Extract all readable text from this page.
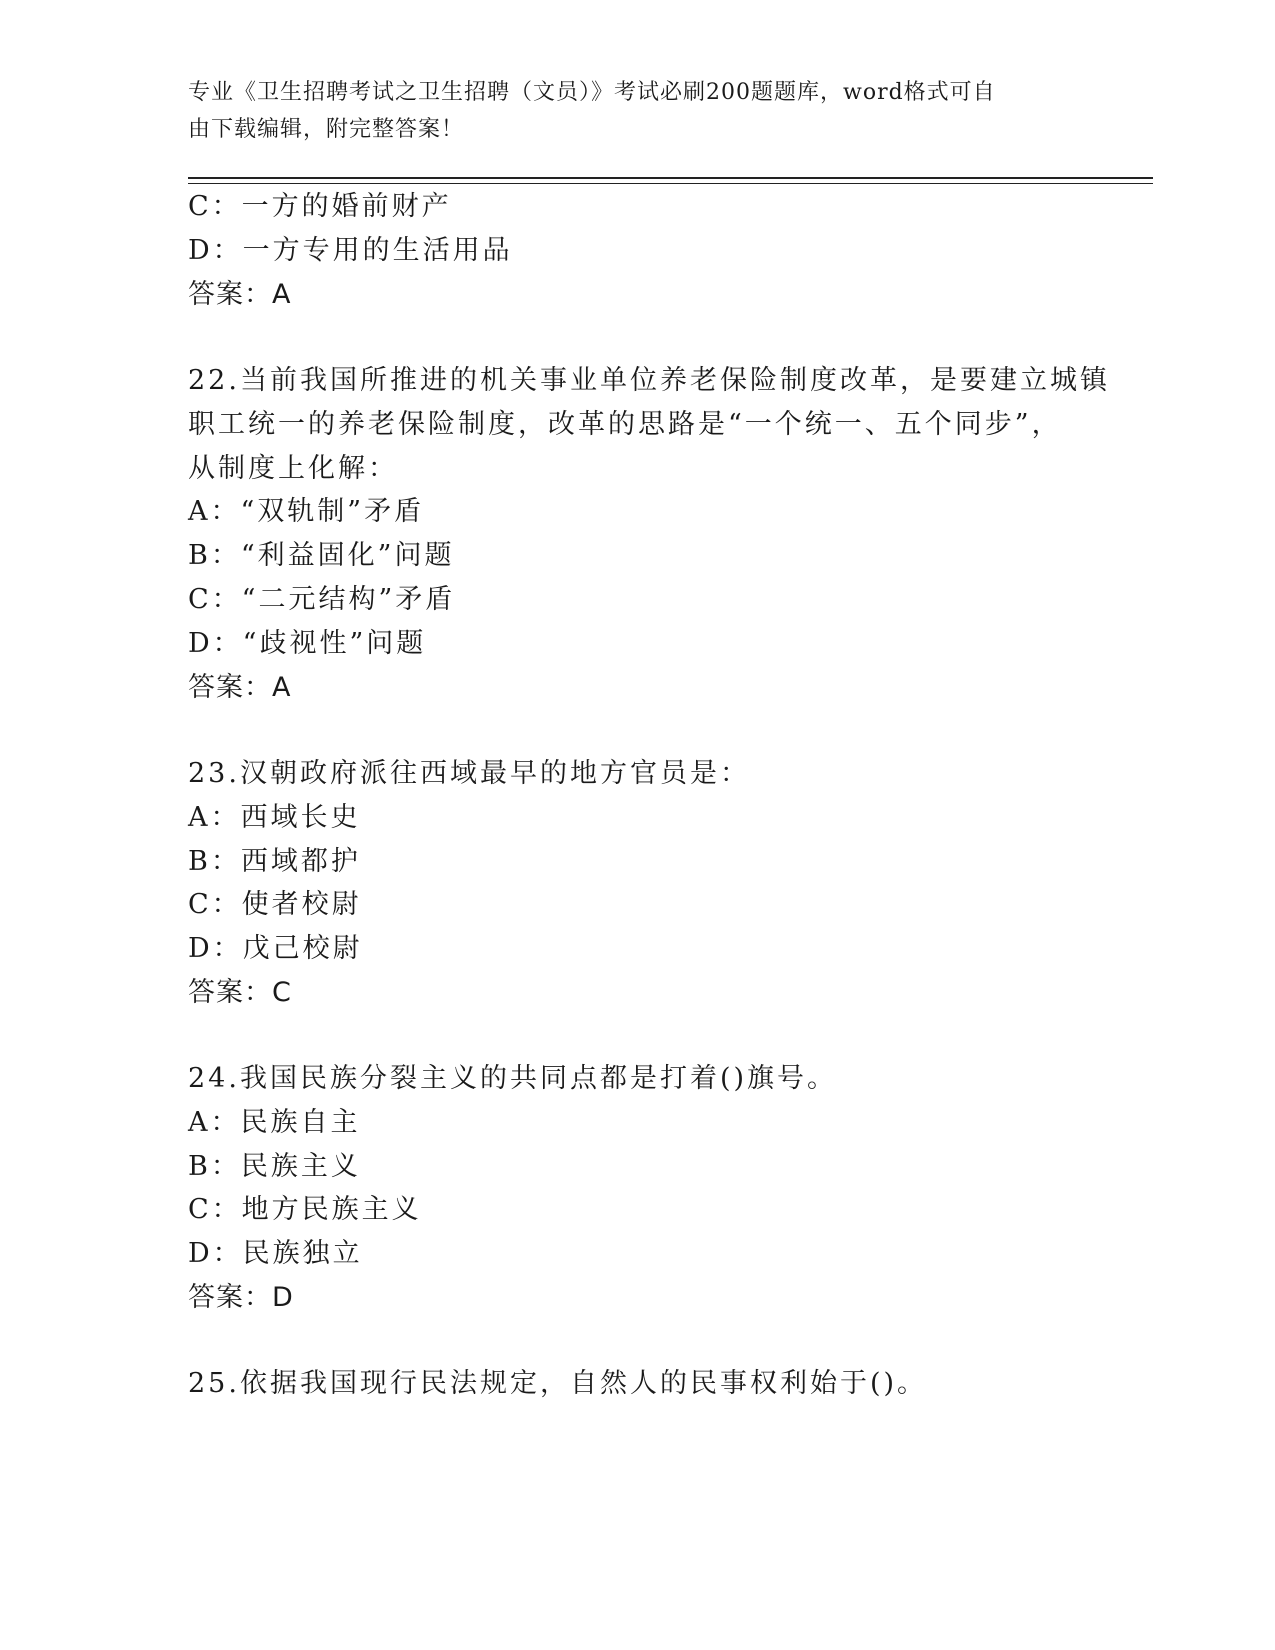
专业《卫生招聘考试之卫生招聘（文员）》考试必刷200题题库，word格式可自
由下载编辑，附完整答案！
C：一方的婚前财产
D：一方专用的生活用品
答案：A
22.当前我国所推进的机关事业单位养老保险制度改革，是要建立城镇
职工统一的养老保险制度，改革的思路是“一个统一、五个同步”，
从制度上化解：
A：“双轨制”矛盾
B：“利益固化”问题
C：“二元结构”矛盾
D：“歧视性”问题
答案：A
23.汉朝政府派往西域最早的地方官员是：
A：西域长史
B：西域都护
C：使者校尉
D：戊己校尉
答案：C
24.我国民族分裂主义的共同点都是打着()旗号。
A：民族自主
B：民族主义
C：地方民族主义
D：民族独立
答案：D
25.依据我国现行民法规定，自然人的民事权利始于()。
